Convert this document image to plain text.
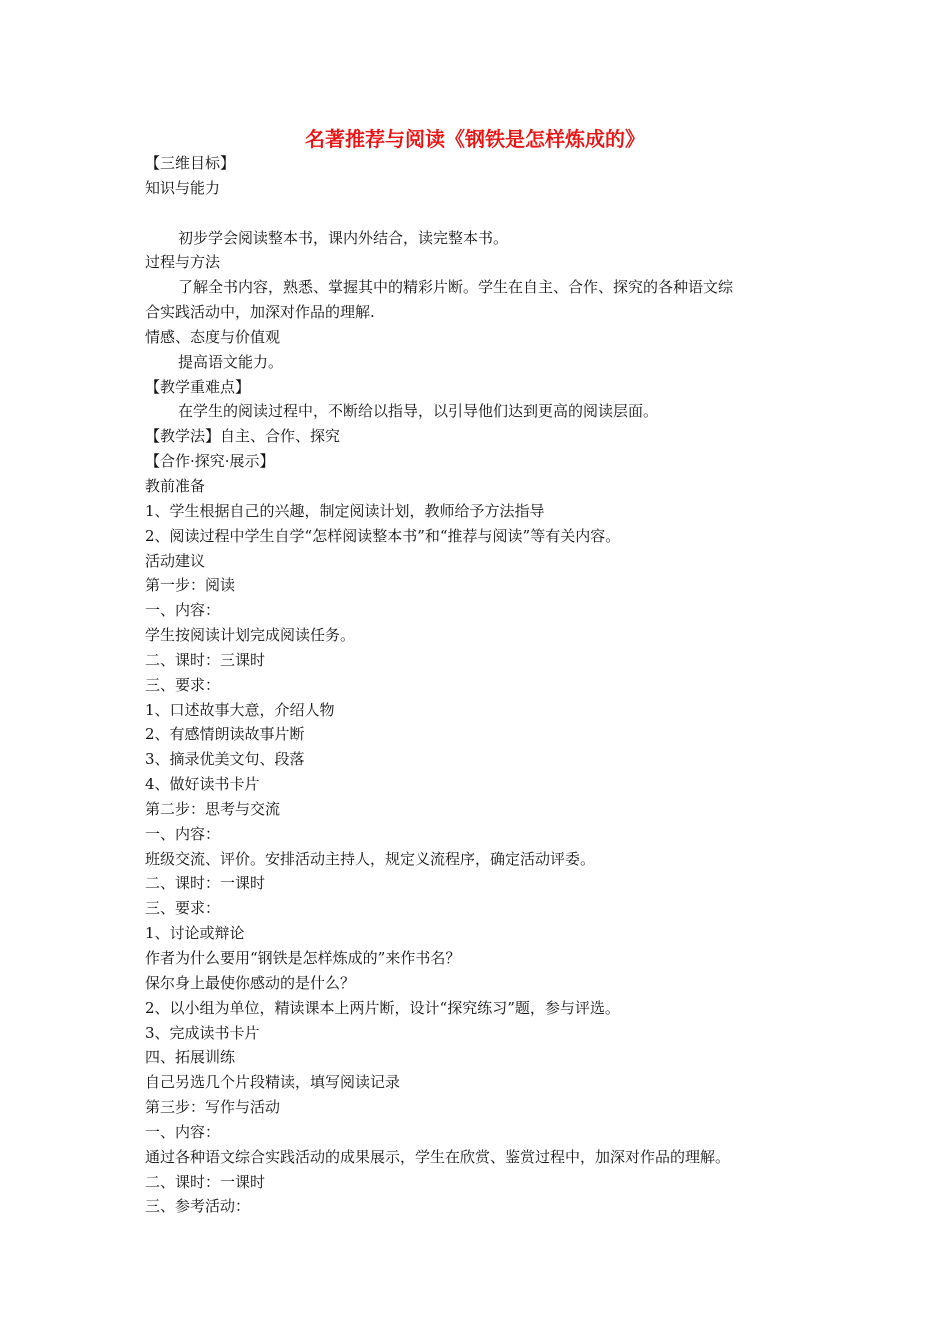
名著推荐与阅读《钢铁是怎样炼成的》
【三维目标】
知识与能力
初步学会阅读整本书，课内外结合，读完整本书。
过程与方法
了解全书内容，熟悉、掌握其中的精彩片断。学生在自主、合作、探究的各种语文综
合实践活动中，加深对作品的理解.
情感、态度与价值观
提高语文能力。
【教学重难点】
在学生的阅读过程中，不断给以指导，以引导他们达到更高的阅读层面。
【教学法】自主、合作、探究
【合作·探究·展示】
教前准备
1、学生根据自己的兴趣，制定阅读计划，教师给予方法指导
2、阅读过程中学生自学“怎样阅读整本书”和“推荐与阅读”等有关内容。
活动建议
第一步：阅读
一、内容：
学生按阅读计划完成阅读任务。
二、课时：三课时
三、要求：
1、口述故事大意，介绍人物
2、有感情朗读故事片断
3、摘录优美文句、段落
4、做好读书卡片
第二步：思考与交流
一、内容：
班级交流、评价。安排活动主持人，规定义流程序，确定活动评委。
二、课时：一课时
三、要求：
1、讨论或辩论
作者为什么要用“钢铁是怎样炼成的”来作书名？
保尔身上最使你感动的是什么？
2、以小组为单位，精读课本上两片断，设计“探究练习”题，参与评选。
3、完成读书卡片
四、拓展训练
自己另选几个片段精读，填写阅读记录
第三步：写作与活动
一、内容：
通过各种语文综合实践活动的成果展示，学生在欣赏、鉴赏过程中，加深对作品的理解。
二、课时：一课时
三、参考活动：
